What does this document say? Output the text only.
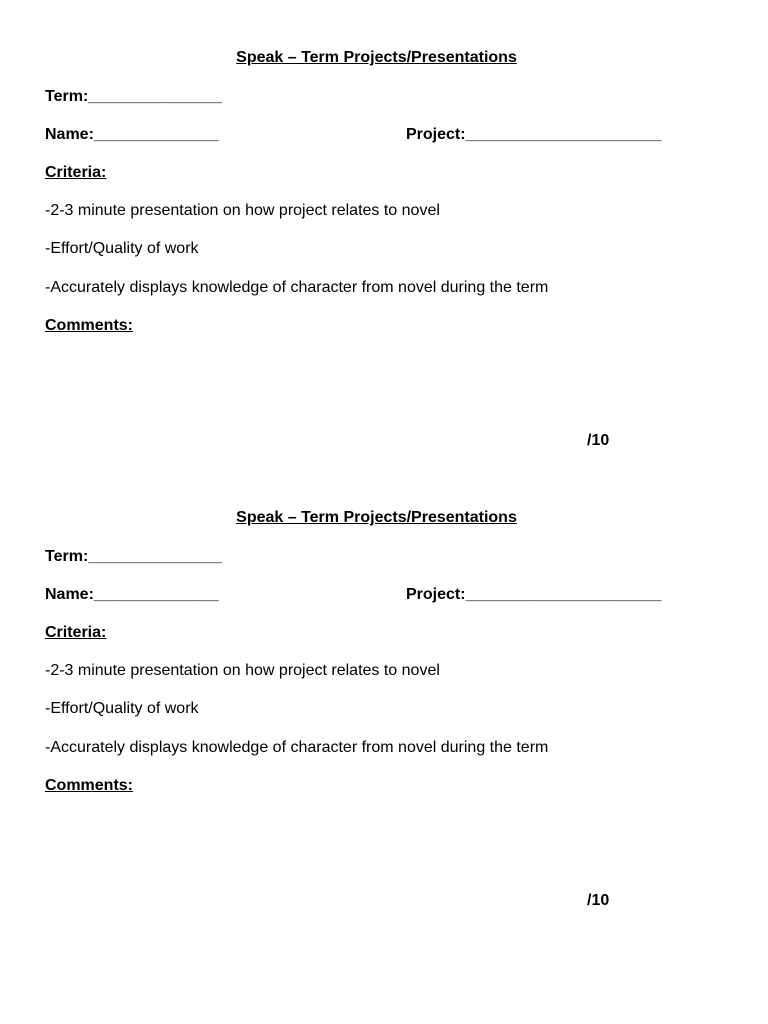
Speak – Term Projects/Presentations
Term:_______________
Name:______________	Project:______________________
Criteria:
-2-3 minute presentation on how project relates to novel
-Effort/Quality of work
-Accurately displays knowledge of character from novel during the term
Comments:
/10
Speak – Term Projects/Presentations
Term:_______________
Name:______________	Project:______________________
Criteria:
-2-3 minute presentation on how project relates to novel
-Effort/Quality of work
-Accurately displays knowledge of character from novel during the term
Comments:
/10
